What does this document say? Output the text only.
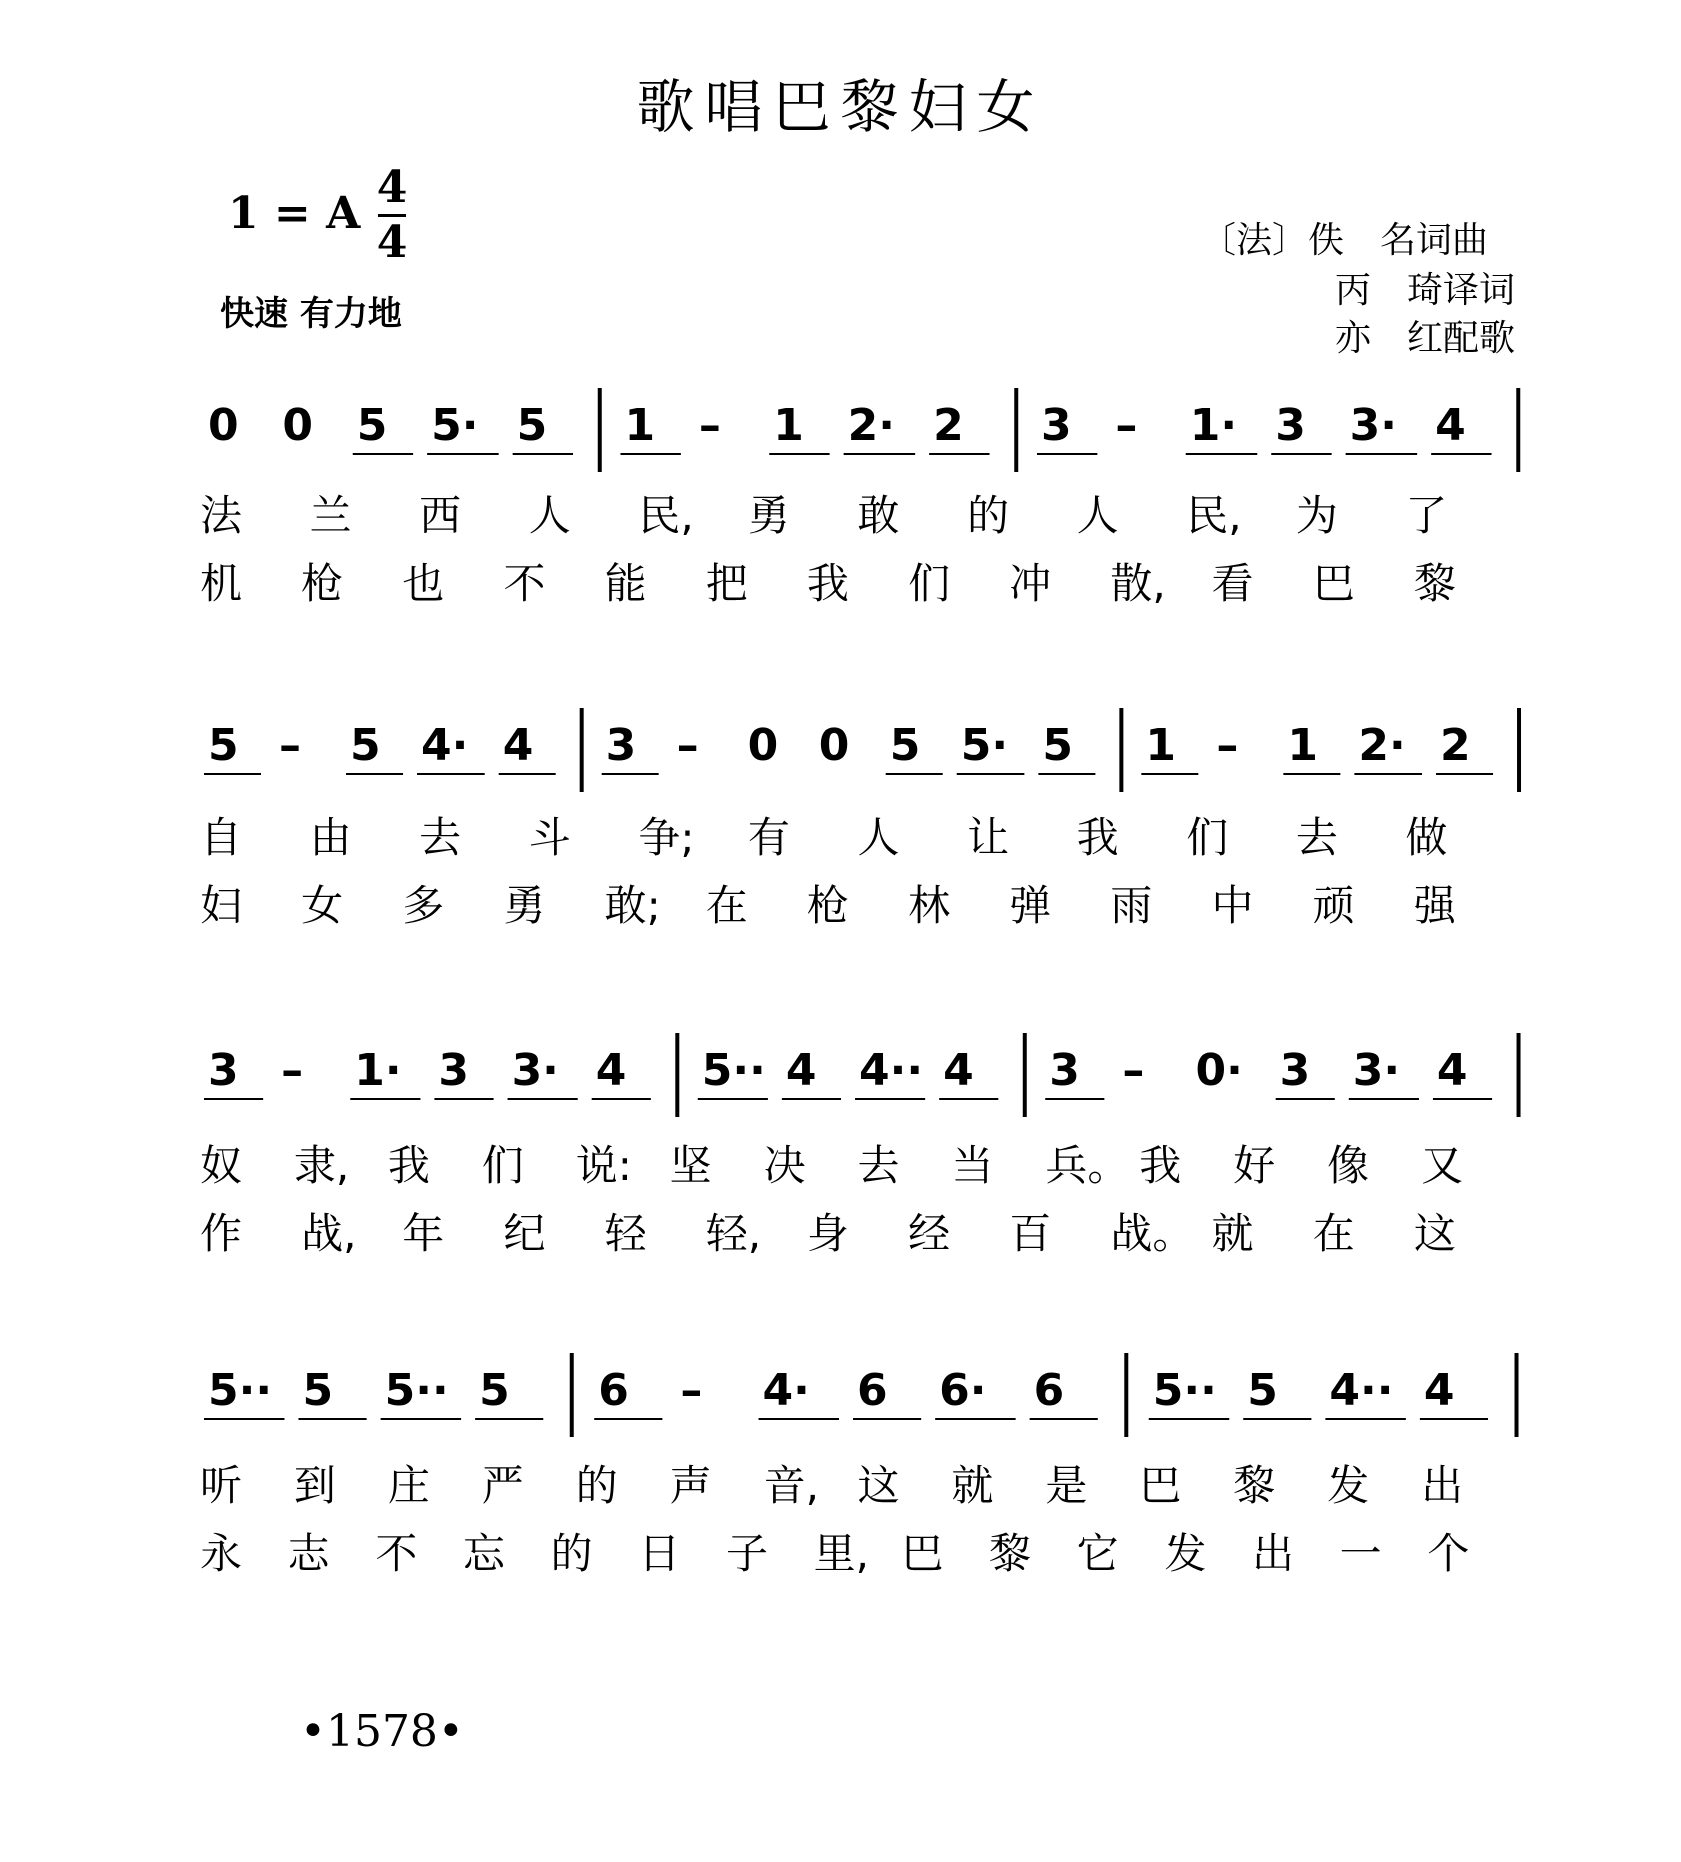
歌唱巴黎妇女
1 = A
4
4
快速 有力地
〔法〕佚　名词曲
丙　琦译词
亦　红配歌
0 0 5 5· 5 1 – 1 2· 2 3 – 1· 3 3· 4
法 兰 西 人 民, 勇 敢 的 人 民, 为 了
机 枪 也 不 能 把 我 们 冲 散, 看 巴 黎
5 – 5 4· 4 3 – 0 0 5 5· 5 1 – 1 2· 2
自 由 去 斗 争; 有 人 让 我 们 去 做
妇 女 多 勇 敢; 在 枪 林 弹 雨 中 顽 强
3 – 1· 3 3· 4 5·· 4 4·· 4 3 – 0· 3 3· 4
奴 隶, 我 们 说: 坚 决 去 当 兵。 我 好 像 又
作 战, 年 纪 轻 轻, 身 经 百 战。 就 在 这
5·· 5 5·· 5 6 – 4· 6 6· 6 5·· 5 4·· 4
听 到 庄 严 的 声 音, 这 就 是 巴 黎 发 出
永 志 不 忘 的 日 子 里, 巴 黎 它 发 出 一 个
•1578•
